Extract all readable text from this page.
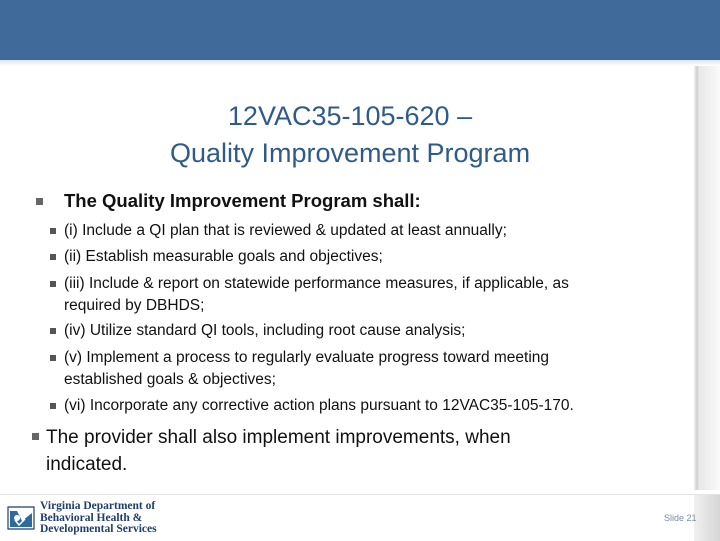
12VAC35-105-620 –
Quality Improvement Program
The Quality Improvement Program shall:
(i) Include a QI plan that is reviewed & updated at least annually;
(ii) Establish measurable goals and objectives;
(iii) Include & report on statewide performance measures, if applicable, as
required by DBHDS;
(iv) Utilize standard QI tools, including root cause analysis;
(v) Implement a process to regularly evaluate progress toward meeting
established goals & objectives;
(vi) Incorporate any corrective action plans pursuant to 12VAC35-105-170.
The provider shall also implement improvements, when
indicated.
Virginia Department of
Behavioral Health &
Developmental Services
Slide 21
